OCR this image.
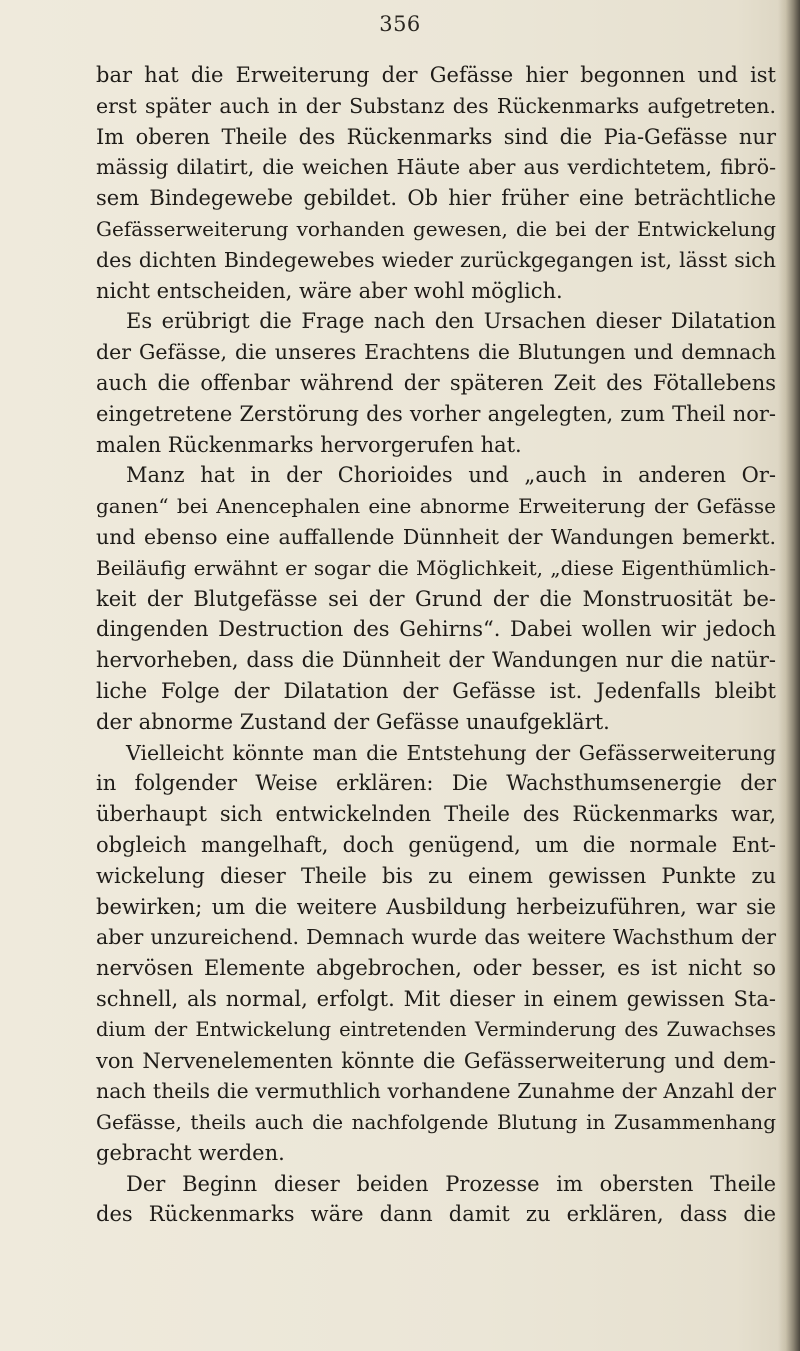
356
bar hat die Erweiterung der Gefässe hier begonnen und ist
erst später auch in der Substanz des Rückenmarks aufgetreten.
Im oberen Theile des Rückenmarks sind die Pia-Gefässe nur
mässig dilatirt, die weichen Häute aber aus verdichtetem, fibrö-
sem Bindegewebe gebildet. Ob hier früher eine beträchtliche
Gefässerweiterung vorhanden gewesen, die bei der Entwickelung
des dichten Bindegewebes wieder zurückgegangen ist, lässt sich
nicht entscheiden, wäre aber wohl möglich.
Es erübrigt die Frage nach den Ursachen dieser Dilatation
der Gefässe, die unseres Erachtens die Blutungen und demnach
auch die offenbar während der späteren Zeit des Fötallebens
eingetretene Zerstörung des vorher angelegten, zum Theil nor-
malen Rückenmarks hervorgerufen hat.
Manz hat in der Chorioides und „auch in anderen Or-
ganen“ bei Anencephalen eine abnorme Erweiterung der Gefässe
und ebenso eine auffallende Dünnheit der Wandungen bemerkt.
Beiläufig erwähnt er sogar die Möglichkeit, „diese Eigenthümlich-
keit der Blutgefässe sei der Grund der die Monstruosität be-
dingenden Destruction des Gehirns“. Dabei wollen wir jedoch
hervorheben, dass die Dünnheit der Wandungen nur die natür-
liche Folge der Dilatation der Gefässe ist. Jedenfalls bleibt
der abnorme Zustand der Gefässe unaufgeklärt.
Vielleicht könnte man die Entstehung der Gefässerweiterung
in folgender Weise erklären: Die Wachsthumsenergie der
überhaupt sich entwickelnden Theile des Rückenmarks war,
obgleich mangelhaft, doch genügend, um die normale Ent-
wickelung dieser Theile bis zu einem gewissen Punkte zu
bewirken; um die weitere Ausbildung herbeizuführen, war sie
aber unzureichend. Demnach wurde das weitere Wachsthum der
nervösen Elemente abgebrochen, oder besser, es ist nicht so
schnell, als normal, erfolgt. Mit dieser in einem gewissen Sta-
dium der Entwickelung eintretenden Verminderung des Zuwachses
von Nervenelementen könnte die Gefässerweiterung und dem-
nach theils die vermuthlich vorhandene Zunahme der Anzahl der
Gefässe, theils auch die nachfolgende Blutung in Zusammenhang
gebracht werden.
Der Beginn dieser beiden Prozesse im obersten Theile
des Rückenmarks wäre dann damit zu erklären, dass die
